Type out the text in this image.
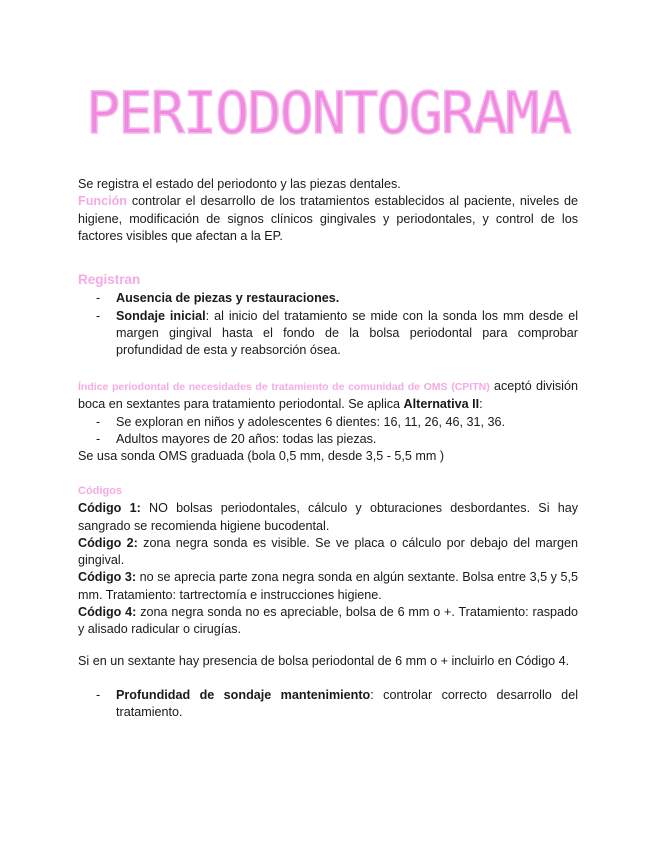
PERIODONTOGRAMA

Se registra el estado del periodonto y las piezas dentales.

Función controlar el desarrollo de los tratamientos establecidos al paciente, niveles de higiene, modificación de signos clínicos gingivales y periodontales, y control de los factores visibles que afectan a la EP.

Registran

- Ausencia de piezas y restauraciones.
- Sondaje inicial: al inicio del tratamiento se mide con la sonda los mm desde el margen gingival hasta el fondo de la bolsa periodontal para comprobar profundidad de esta y reabsorción ósea.

Índice periodontal de necesidades de tratamiento de comunidad de OMS (CPITN) aceptó división boca en sextantes para tratamiento periodontal. Se aplica Alternativa II:

- Se exploran en niños y adolescentes 6 dientes: 16, 11, 26, 46, 31, 36.
- Adultos mayores de 20 años: todas las piezas.

Se usa sonda OMS graduada (bola 0,5 mm, desde 3,5 - 5,5 mm )

Códigos

Código 1: NO bolsas periodontales, cálculo y obturaciones desbordantes. Si hay sangrado se recomienda higiene bucodental.

Código 2: zona negra sonda es visible. Se ve placa o cálculo por debajo del margen gingival.

Código 3: no se aprecia parte zona negra sonda en algún sextante. Bolsa entre 3,5 y 5,5 mm. Tratamiento: tartrectomía e instrucciones higiene.

Código 4: zona negra sonda no es apreciable, bolsa de 6 mm o +. Tratamiento: raspado y alisado radicular o cirugías.

Si en un sextante hay presencia de bolsa periodontal de 6 mm o + incluirlo en Código 4.

- Profundidad de sondaje mantenimiento: controlar correcto desarrollo del tratamiento.
